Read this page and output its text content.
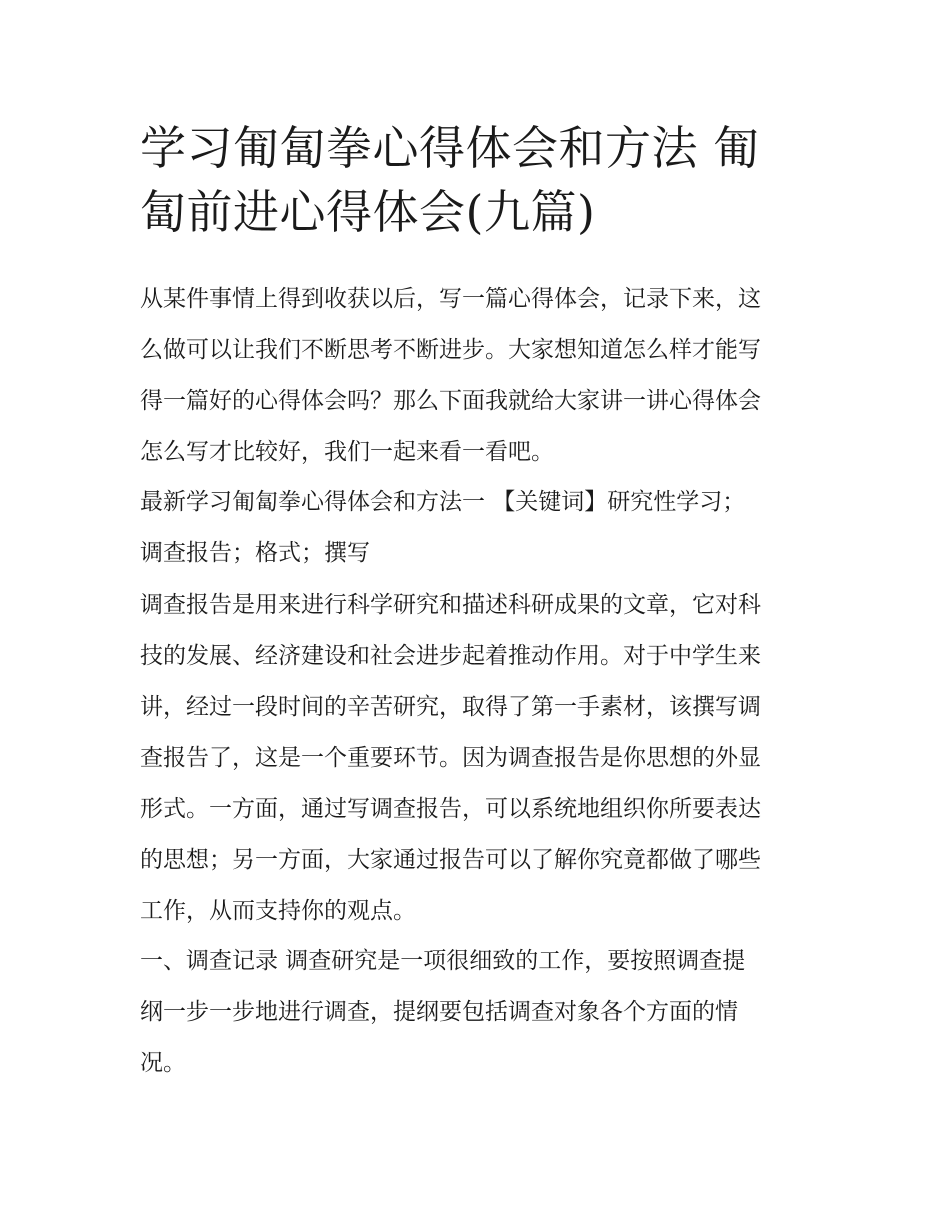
学习匍匐拳心得体会和方法 匍
匐前进心得体会(九篇)
从某件事情上得到收获以后，写一篇心得体会，记录下来，这
么做可以让我们不断思考不断进步。大家想知道怎么样才能写
得一篇好的心得体会吗？那么下面我就给大家讲一讲心得体会
怎么写才比较好，我们一起来看一看吧。
最新学习匍匐拳心得体会和方法一 【关键词】研究性学习；
调查报告；格式；撰写
调查报告是用来进行科学研究和描述科研成果的文章，它对科
技的发展、经济建设和社会进步起着推动作用。对于中学生来
讲，经过一段时间的辛苦研究，取得了第一手素材，该撰写调
查报告了，这是一个重要环节。因为调查报告是你思想的外显
形式。一方面，通过写调查报告，可以系统地组织你所要表达
的思想；另一方面，大家通过报告可以了解你究竟都做了哪些
工作，从而支持你的观点。
一、调查记录 调查研究是一项很细致的工作，要按照调查提
纲一步一步地进行调查，提纲要包括调查对象各个方面的情
况。
